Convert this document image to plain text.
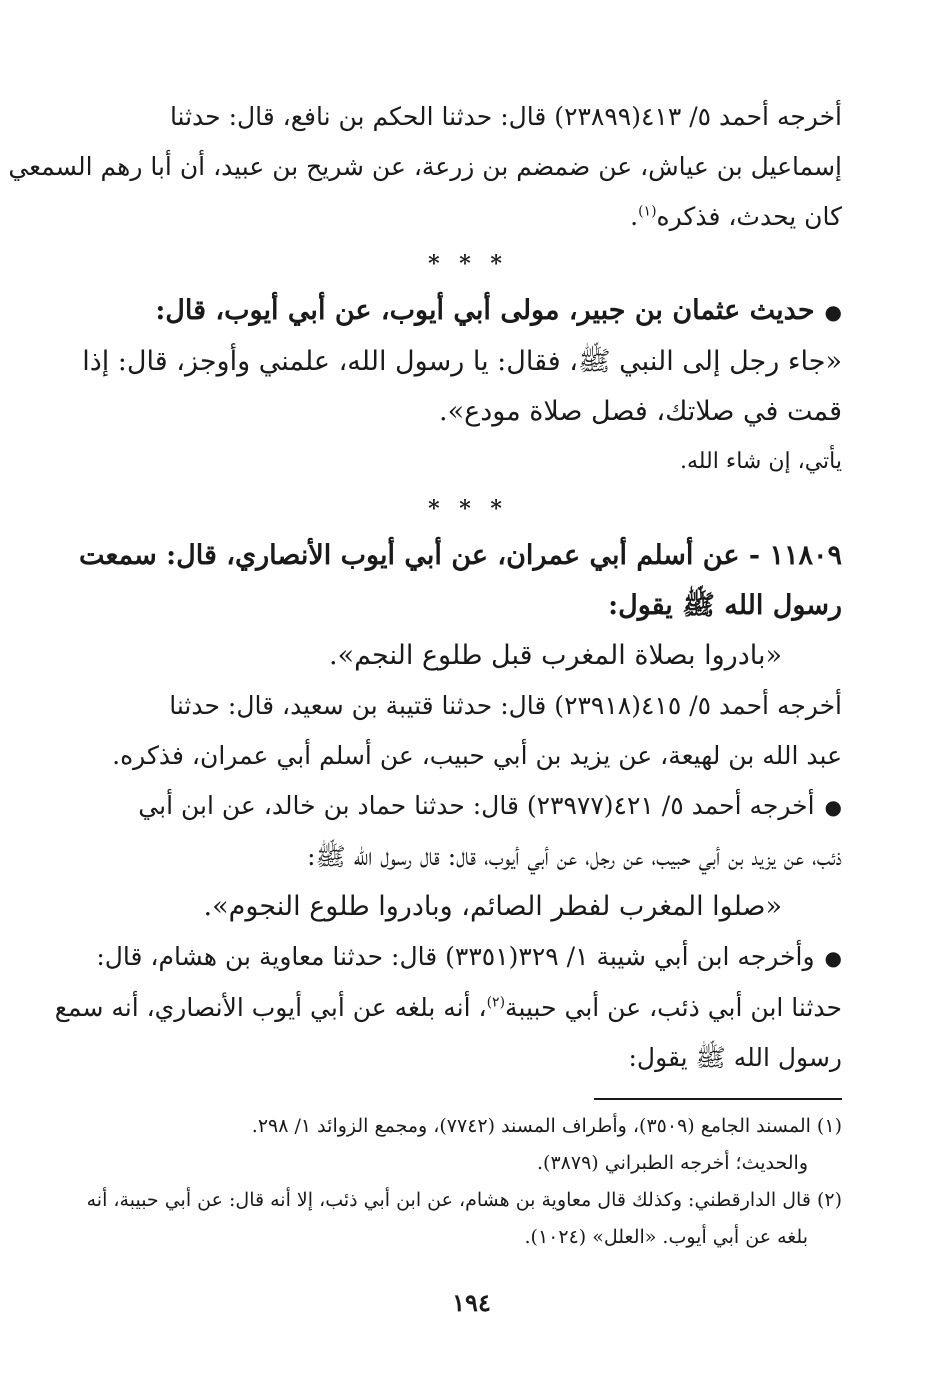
أخرجه أحمد ٥/ ٤١٣(٢٣٨٩٩) قال: حدثنا الحكم بن نافع، قال: حدثنا
إسماعيل بن عياش، عن ضمضم بن زرعة، عن شريح بن عبيد، أن أبا رهم السمعي
كان يحدث، فذكره$^{(١)}$.
* * *
●حديث عثمان بن جبير، مولى أبي أيوب، عن أبي أيوب، قال:
«جاء رجل إلى النبي ﷺ، فقال: يا رسول الله، علمني وأوجز، قال: إذا
قمت في صلاتك، فصل صلاة مودع».
يأتي، إن شاء الله.
* * *
١١٨٠٩ - عن أسلم أبي عمران، عن أبي أيوب الأنصاري، قال: سمعت
رسول الله ﷺ يقول:
«بادروا بصلاة المغرب قبل طلوع النجم».
أخرجه أحمد ٥/ ٤١٥(٢٣٩١٨) قال: حدثنا قتيبة بن سعيد، قال: حدثنا
عبد الله بن لهيعة، عن يزيد بن أبي حبيب، عن أسلم أبي عمران، فذكره.
●أخرجه أحمد ٥/ ٤٢١(٢٣٩٧٧) قال: حدثنا حماد بن خالد، عن ابن أبي
ذئب، عن يزيد بن أبي حبيب، عن رجل، عن أبي أيوب، قال: قال رسول الله ﷺ:
«صلوا المغرب لفطر الصائم، وبادروا طلوع النجوم».
●وأخرجه ابن أبي شيبة ١/ ٣٢٩(٣٣٥١) قال: حدثنا معاوية بن هشام، قال:
حدثنا ابن أبي ذئب، عن أبي حبيبة$^{(٢)}$، أنه بلغه عن أبي أيوب الأنصاري، أنه سمع
رسول الله ﷺ يقول:
(١) المسند الجامع (٣٥٠٩)، وأطراف المسند (٧٧٤٢)، ومجمع الزوائد ١/ ٢٩٨.
والحديث؛ أخرجه الطبراني (٣٨٧٩).
(٢) قال الدارقطني: وكذلك قال معاوية بن هشام، عن ابن أبي ذئب، إلا أنه قال: عن أبي حبيبة، أنه
بلغه عن أبي أيوب. «العلل» (١٠٢٤).
١٩٤
